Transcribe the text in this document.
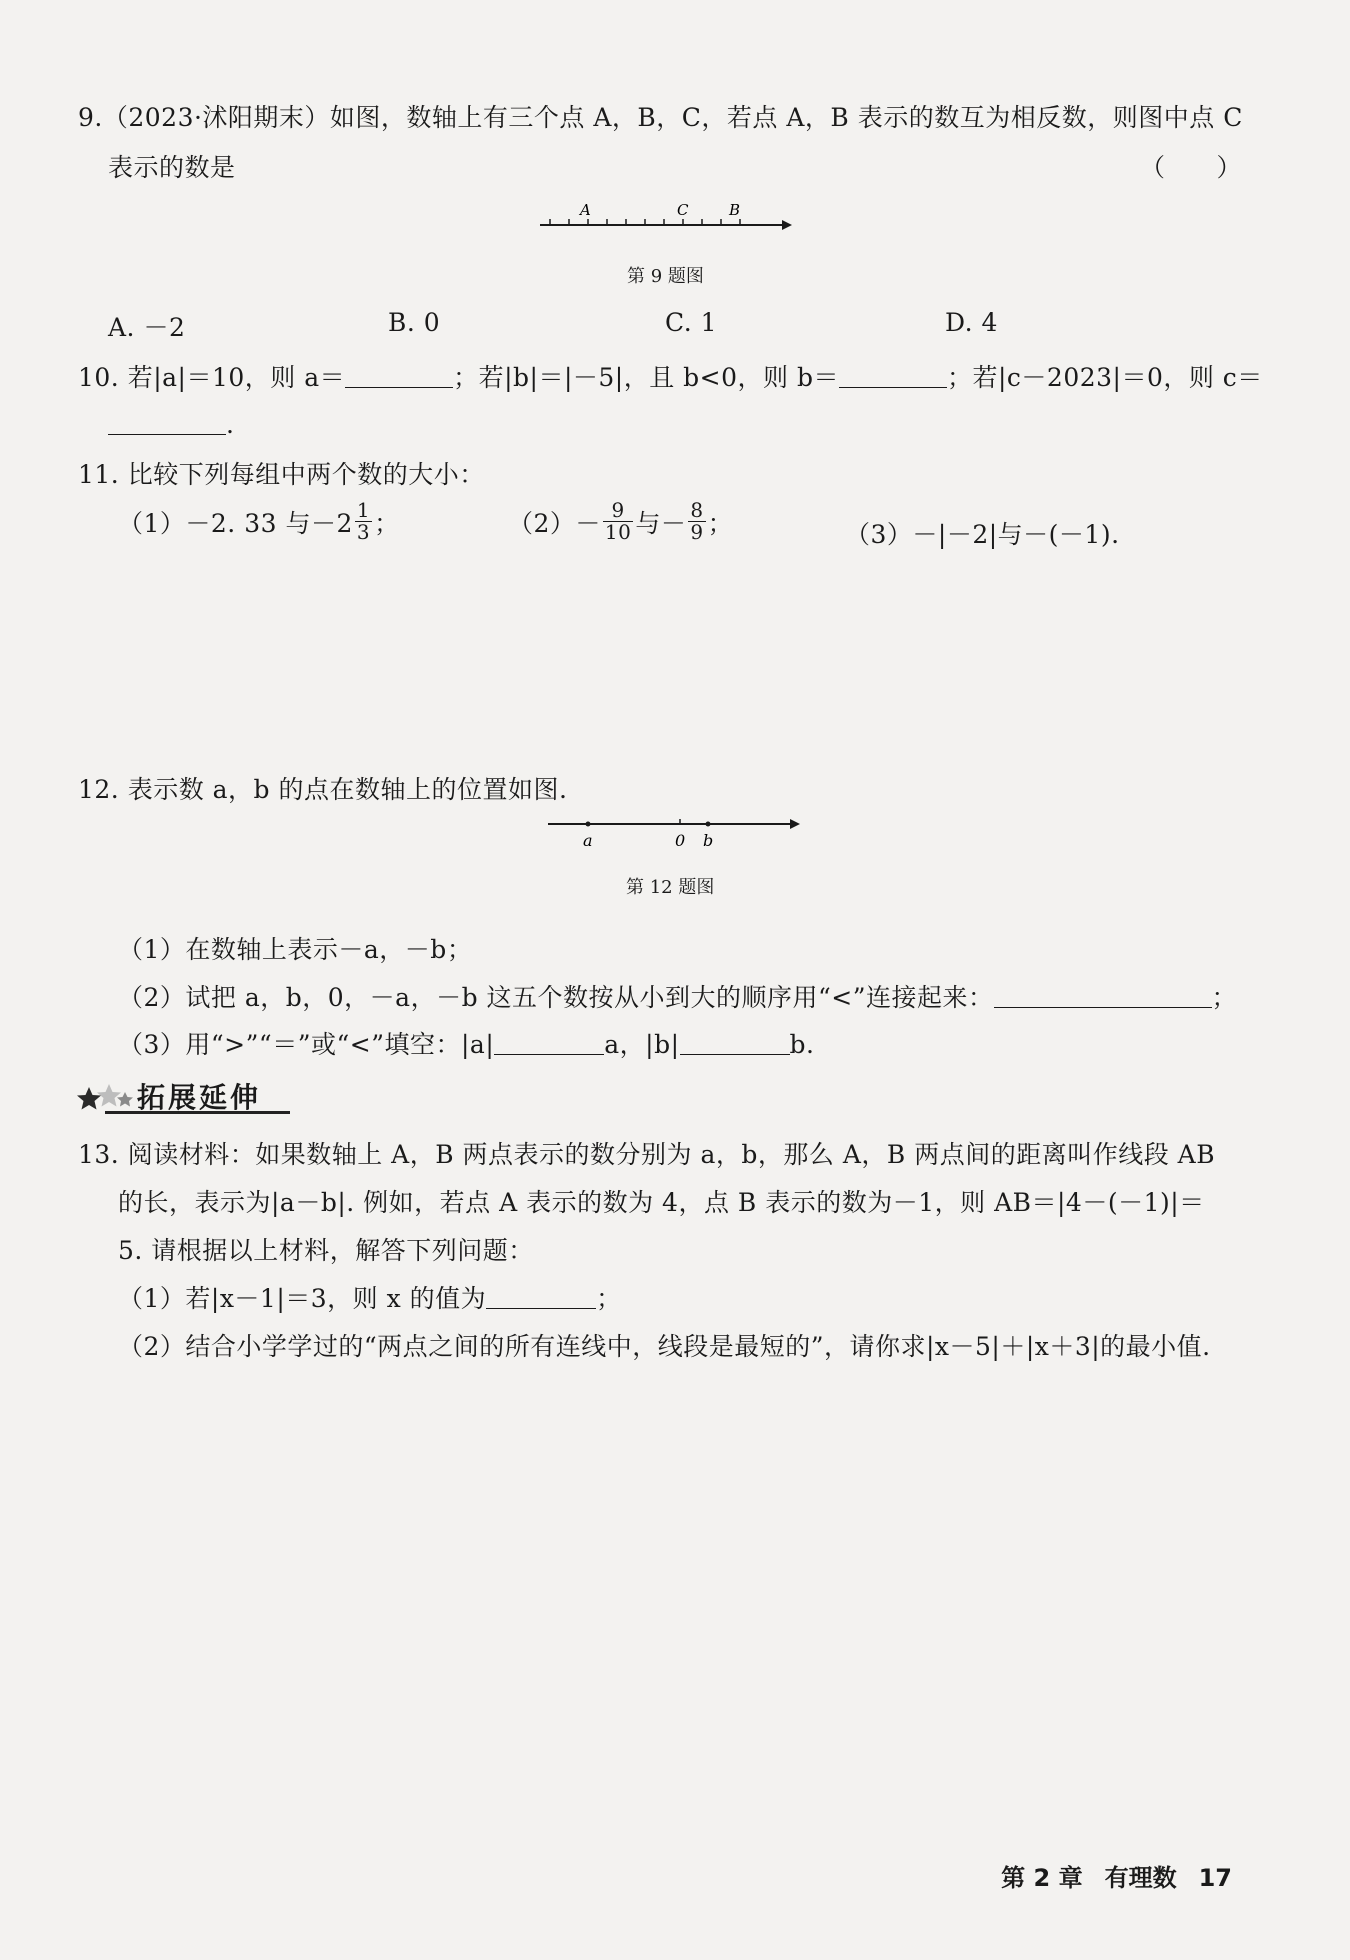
9.（2023·沭阳期末）如图，数轴上有三个点 A，B，C，若点 A，B 表示的数互为相反数，则图中点 C
表示的数是	（　　）
A	C	B
第 9 题图
A. －2	B. 0	C. 1	D. 4
10. 若|a|＝10，则 a＝	；若|b|＝|－5|，且 b<0，则 b＝	；若|c－2023|＝0，则 c＝
.
11. 比较下列每组中两个数的大小：
（1）－2. 33 与$-2 \frac{1}{3}$ ；	$(2)- \frac{9}{10}$ 与－ $\frac{8}{9}$ ；	（3）－|－2|与－(－1).
12. 表示数 a，b 的点在数轴上的位置如图.
a	0 b
第 12 题图
（1）在数轴上表示－a，－b；
（2）试把 a，b，0，－a，－b 这五个数按从小到大的顺序用“<”连接起来：	；
（3）用“>”“＝”或“<”填空：|a|	a，|b|	b.
拓展延伸
13. 阅读材料：如果数轴上 A，B 两点表示的数分别为 a，b，那么 A，B 两点间的距离叫作线段 AB
的长，表示为|a－b|. 例如，若点 A 表示的数为 4，点 B 表示的数为－1，则 AB＝|4－(－1)|＝
5. 请根据以上材料，解答下列问题：
（1）若|x－1|＝3，则 x 的值为	；
（2）结合小学学过的“两点之间的所有连线中，线段是最短的”，请你求|x－5|＋|x＋3|的最小值.
第 2 章 有理数 17
